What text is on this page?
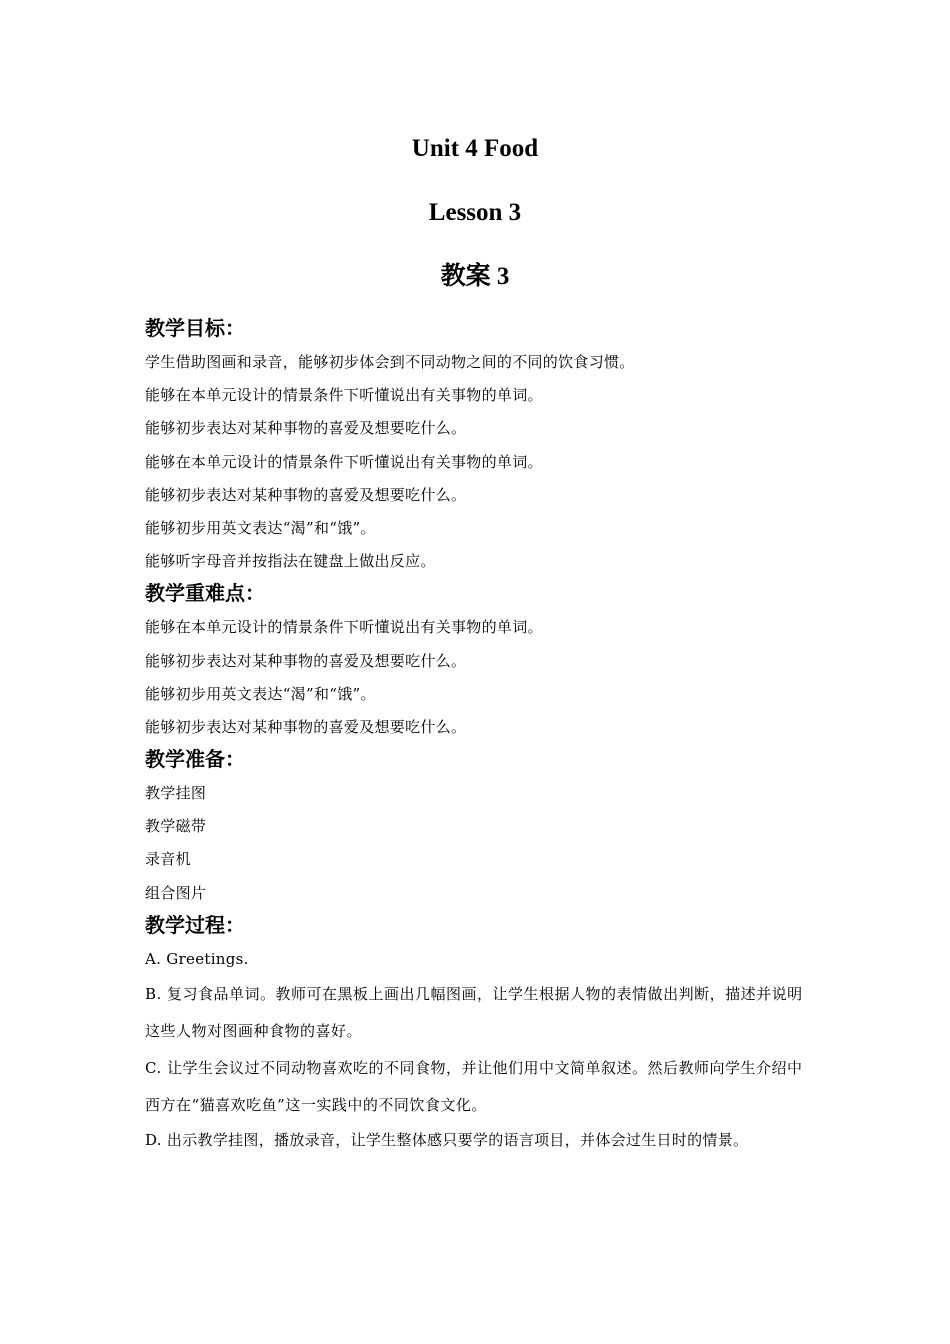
Unit 4 Food
Lesson 3
教案 3
教学目标：
学生借助图画和录音，能够初步体会到不同动物之间的不同的饮食习惯。
能够在本单元设计的情景条件下听懂说出有关事物的单词。
能够初步表达对某种事物的喜爱及想要吃什么。
能够在本单元设计的情景条件下听懂说出有关事物的单词。
能够初步表达对某种事物的喜爱及想要吃什么。
能够初步用英文表达“渴”和“饿”。
能够听字母音并按指法在键盘上做出反应。
教学重难点：
能够在本单元设计的情景条件下听懂说出有关事物的单词。
能够初步表达对某种事物的喜爱及想要吃什么。
能够初步用英文表达“渴”和“饿”。
能够初步表达对某种事物的喜爱及想要吃什么。
教学准备：
教学挂图
教学磁带
录音机
组合图片
教学过程：
A. Greetings.
B. 复习食品单词。教师可在黑板上画出几幅图画，让学生根据人物的表情做出判断，描述并说明这些人物对图画种食物的喜好。
C. 让学生会议过不同动物喜欢吃的不同食物，并让他们用中文简单叙述。然后教师向学生介绍中西方在“猫喜欢吃鱼”这一实践中的不同饮食文化。
D. 出示教学挂图，播放录音，让学生整体感只要学的语言项目，并体会过生日时的情景。
